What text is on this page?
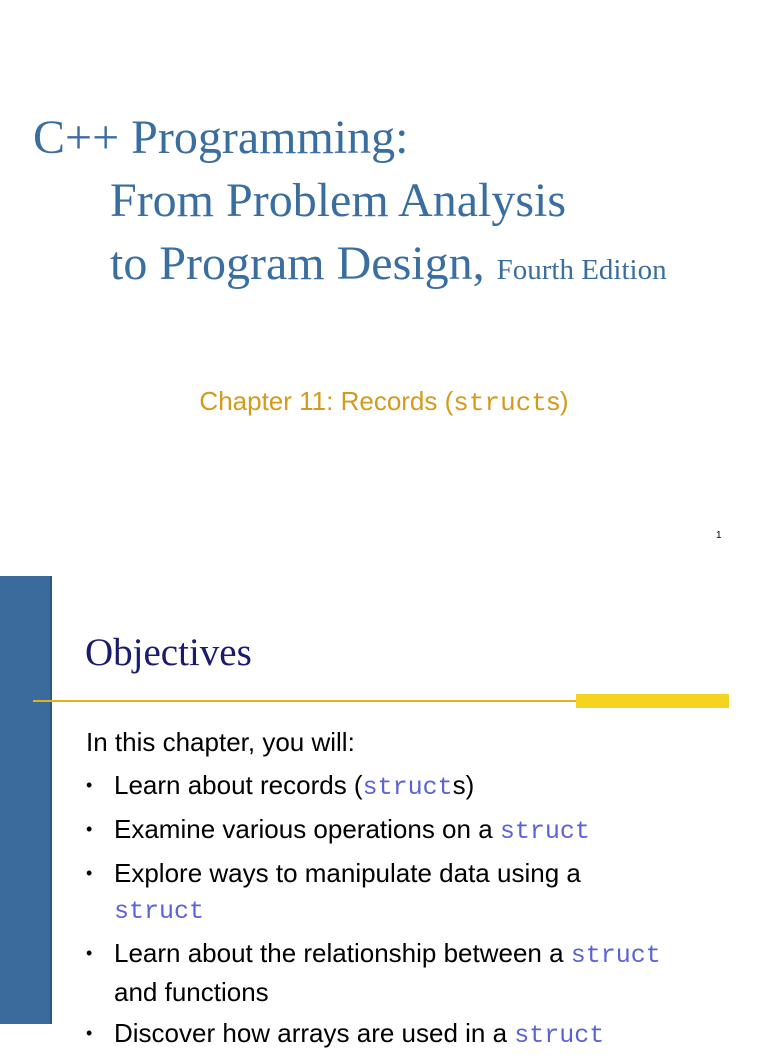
C++ Programming:
From Problem Analysis
to Program Design, Fourth Edition
Chapter 11: Records (structs)
1
Objectives
In this chapter, you will:
• Learn about records (structs)
• Examine various operations on a struct
• Explore ways to manipulate data using a
struct
• Learn about the relationship between a struct
and functions
• Discover how arrays are used in a struct
